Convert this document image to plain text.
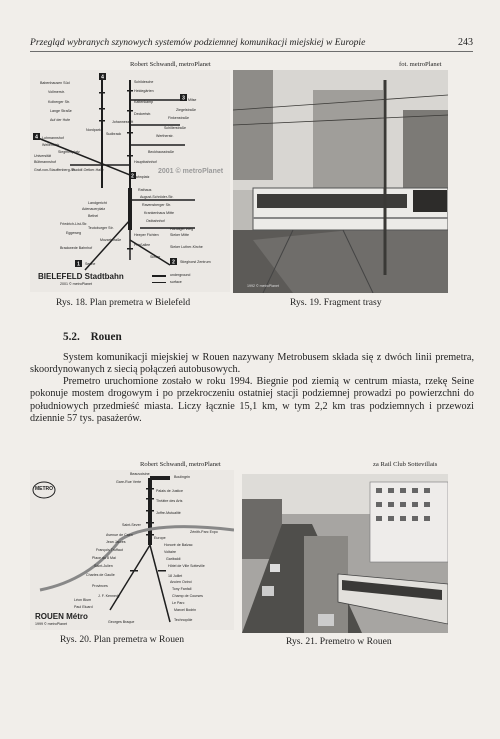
Przegląd wybranych szynowych systemów podziemnej komunikacji miejskiej w Europie	243
Robert Schwandl, metroPlanet
4
3
4
2
1	2
Babenhausen Süd
Vollmerstr.
Kolberger Str.
Lange Straße
Auf der Hufe
Nordpark
Lohmannshof
Wellensiek
Universität
Bültmannshof
Graf-von-Stauffenberg-Str.
Rudolf-Oetker-Halle
Landgericht
Adenauerplatz
Bethel
Friedrich-List-Str.
Eggeweg
Brackwede Bahnhof
Senne
Schildesche
Heidegärten
Kattenkamp
Deckertstr.
Johannesstift
Siegfriedplatz
Hauptbahnhof
Jahnplatz
Rathaus
August-Schröder-Str.
Ravensberger Str.
Krankenhaus Mitte
Ostbahnhof
Heeper Fichten	Sieker Mitte
Sieker
Stieghorst Zentrum
Milse
Ziegelstraße
Finkenstraße
Schillerstraße
Wertherstr.
Beckhausstraße
Sudbrack
Teutoburger Str.
Mozartstraße
Prießallee	Sieker Luther-Kirche
Hartlager Weg
2001 © metroPlanet
BIELEFELD Stadtbahn
2001 © metroPlanet
underground
surface
Rys. 18. Plan premetra w Bielefeld
fot. metroPlanet
1992 © metroPlanet
Rys. 19. Fragment trasy
5.2. Rouen

System komunikacji miejskiej w Rouen nazywany Metrobusem składa się z dwóch linii premetra, skoordynowanych z siecią połączeń autobusowych.

Premetro uruchomione zostało w roku 1994. Biegnie pod ziemią w centrum miasta, rzekę Seine pokonuje mostem drogowym i po przekroczeniu ostatniej stacji podziemnej prowadzi po powierzchni do południowych przedmieść miasta. Liczy łącznie 15,1 km, w tym 2,2 km tras podziemnych i przewozi dziennie 57 tys. pasażerów.

Robert Schwandl, metroPlanet
METRO
ROUEN Métro
1999 © metroPlanet
Boulingrin
Beauvoisine
Gare-Rue Verte
Palais de Justice
Théâtre des Arts
Joffre-Mutualité
Saint-Sever
Avenue de Caen
Jean Jaurès
François Truffaut
Place du 8 Mai
Saint-Julien
Charles de Gaulle
Provinces
J. F. Kennedy
Léon Blum
Paul Eluard
Georges Braque
Europe
Honoré de Balzac
Voltaire
Garibaldi
Hôtel de Ville Sotteville
18 Juillet
Ancien Octroi
Tony Fanfall
Champ de Courses
Le Parc
Marcel Bodrin
Technopôle
Zénith-Parc Expo
Rys. 20. Plan premetra w Rouen
za Rail Club Sottevillais
Rys. 21. Premetro w Rouen
